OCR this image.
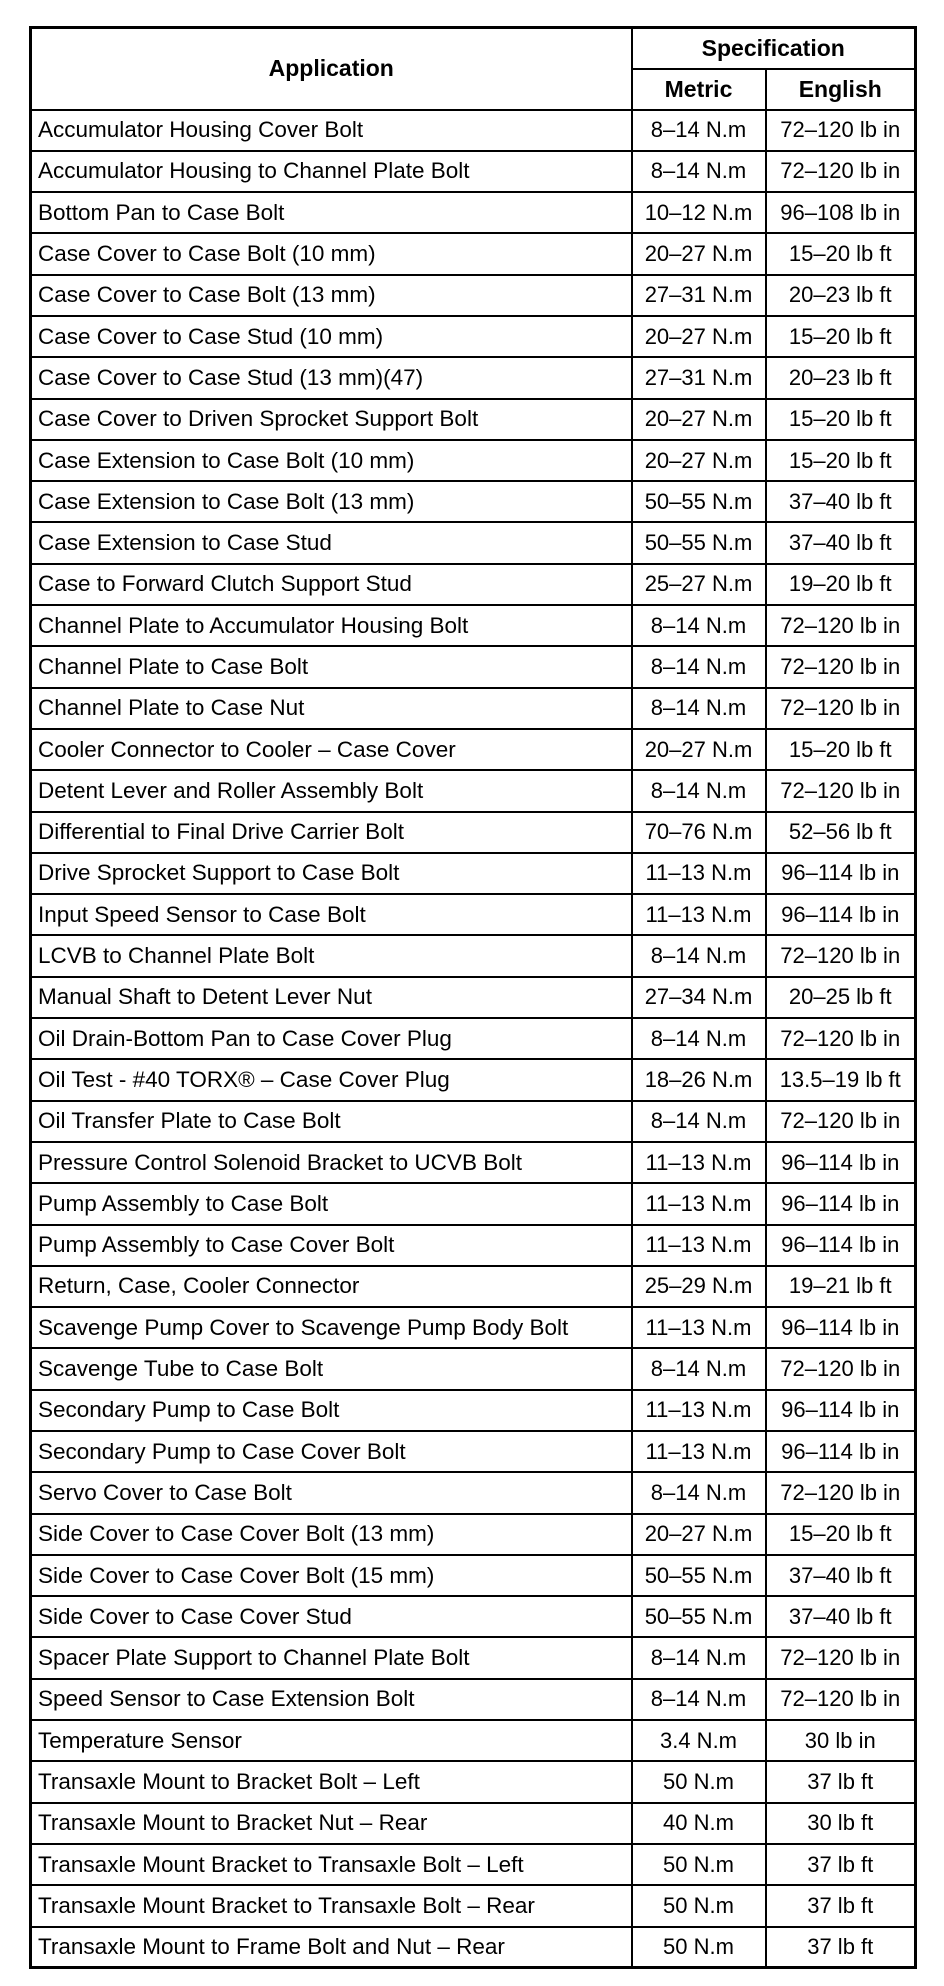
Application	Specification	
	Metric	English
Accumulator Housing Cover Bolt	8–14 N.m	72–120 lb in
Accumulator Housing to Channel Plate Bolt	8–14 N.m	72–120 lb in
Bottom Pan to Case Bolt	10–12 N.m	96–108 lb in
Case Cover to Case Bolt (10 mm)	20–27 N.m	15–20 lb ft
Case Cover to Case Bolt (13 mm)	27–31 N.m	20–23 lb ft
Case Cover to Case Stud (10 mm)	20–27 N.m	15–20 lb ft
Case Cover to Case Stud (13 mm)(47)	27–31 N.m	20–23 lb ft
Case Cover to Driven Sprocket Support Bolt	20–27 N.m	15–20 lb ft
Case Extension to Case Bolt (10 mm)	20–27 N.m	15–20 lb ft
Case Extension to Case Bolt (13 mm)	50–55 N.m	37–40 lb ft
Case Extension to Case Stud	50–55 N.m	37–40 lb ft
Case to Forward Clutch Support Stud	25–27 N.m	19–20 lb ft
Channel Plate to Accumulator Housing Bolt	8–14 N.m	72–120 lb in
Channel Plate to Case Bolt	8–14 N.m	72–120 lb in
Channel Plate to Case Nut	8–14 N.m	72–120 lb in
Cooler Connector to Cooler – Case Cover	20–27 N.m	15–20 lb ft
Detent Lever and Roller Assembly Bolt	8–14 N.m	72–120 lb in
Differential to Final Drive Carrier Bolt	70–76 N.m	52–56 lb ft
Drive Sprocket Support to Case Bolt	11–13 N.m	96–114 lb in
Input Speed Sensor to Case Bolt	11–13 N.m	96–114 lb in
LCVB to Channel Plate Bolt	8–14 N.m	72–120 lb in
Manual Shaft to Detent Lever Nut	27–34 N.m	20–25 lb ft
Oil Drain-Bottom Pan to Case Cover Plug	8–14 N.m	72–120 lb in
Oil Test - #40 TORX® – Case Cover Plug	18–26 N.m	13.5–19 lb ft
Oil Transfer Plate to Case Bolt	8–14 N.m	72–120 lb in
Pressure Control Solenoid Bracket to UCVB Bolt	11–13 N.m	96–114 lb in
Pump Assembly to Case Bolt	11–13 N.m	96–114 lb in
Pump Assembly to Case Cover Bolt	11–13 N.m	96–114 lb in
Return, Case, Cooler Connector	25–29 N.m	19–21 lb ft
Scavenge Pump Cover to Scavenge Pump Body Bolt	11–13 N.m	96–114 lb in
Scavenge Tube to Case Bolt	8–14 N.m	72–120 lb in
Secondary Pump to Case Bolt	11–13 N.m	96–114 lb in
Secondary Pump to Case Cover Bolt	11–13 N.m	96–114 lb in
Servo Cover to Case Bolt	8–14 N.m	72–120 lb in
Side Cover to Case Cover Bolt (13 mm)	20–27 N.m	15–20 lb ft
Side Cover to Case Cover Bolt (15 mm)	50–55 N.m	37–40 lb ft
Side Cover to Case Cover Stud	50–55 N.m	37–40 lb ft
Spacer Plate Support to Channel Plate Bolt	8–14 N.m	72–120 lb in
Speed Sensor to Case Extension Bolt	8–14 N.m	72–120 lb in
Temperature Sensor	3.4 N.m	30 lb in
Transaxle Mount to Bracket Bolt – Left	50 N.m	37 lb ft
Transaxle Mount to Bracket Nut – Rear	40 N.m	30 lb ft
Transaxle Mount Bracket to Transaxle Bolt – Left	50 N.m	37 lb ft
Transaxle Mount Bracket to Transaxle Bolt – Rear	50 N.m	37 lb ft
Transaxle Mount to Frame Bolt and Nut – Rear	50 N.m	37 lb ft
